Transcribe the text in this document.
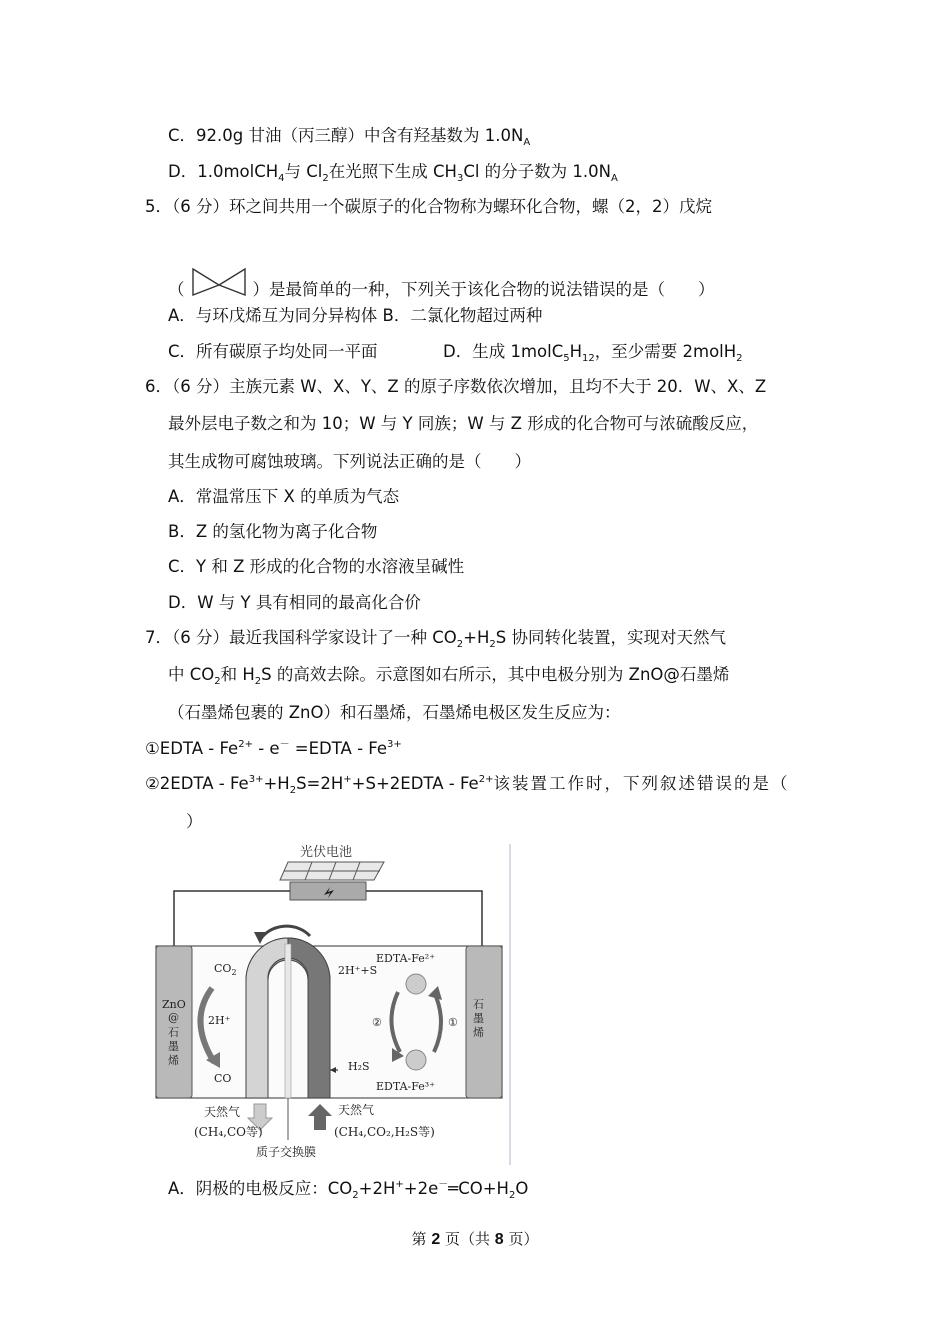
C．92.0g 甘油（丙三醇）中含有羟基数为 $1.0N_A$
D．1.0molCH$_4$与 $Cl_2$在光照下生成 $CH_3Cl$ 的分子数为 $1.0N_A$
5．（6 分）环之间共用一个碳原子的化合物称为螺环化合物，螺（2，2）戊烷
（	）是最简单的一种，下列关于该化合物的说法错误的是（　　）
A．与环戊烯互为同分异构体 B．二氯化物超过两种
C．所有碳原子均处同一平面	D．生成 $1molC_5H_{12}$，至少需要 2molH$_2$
6．（6 分）主族元素 W、X、Y、Z 的原子序数依次增加，且均不大于 20．W、X、Z
最外层电子数之和为 10；W 与 Y 同族；W 与 Z 形成的化合物可与浓硫酸反应，
其生成物可腐蚀玻璃。下列说法正确的是（　　）
A．常温常压下 X 的单质为气态
B．Z 的氢化物为离子化合物
C．Y 和 Z 形成的化合物的水溶液呈碱性
D．W 与 Y 具有相同的最高化合价
7．（6 分）最近我国科学家设计了一种 $CO_2+H_2S$ 协同转化装置，实现对天然气
中 $CO_2$和 $H_2S$ 的高效去除。示意图如右所示，其中电极分别为 ZnO@石墨烯
（石墨烯包裹的 ZnO）和石墨烯，石墨烯电极区发生反应为：
①EDTA - $Fe^{2+} - e^-$ =EDTA - $Fe^{3+}$
②2EDTA - $Fe^{3+}+H_2S=2H^++S+2EDTA - Fe^{2+}$该装置工作时，下列叙述错误的是（
）
光伏电池
ZnO
@
石
墨
烯
石
墨
烯
$CO_2$
2H⁺
CO
2H⁺+S
EDTA-Fe²⁺
EDTA-Fe³⁺
②	①
H₂S
天然气
(CH₄,CO等)
天然气
(CH₄,CO₂,H₂S等)
质子交换膜
A．阴极的电极反应：$CO_2+2H^++2e^-═CO+H_2O$
第 2 页（共 8 页）
